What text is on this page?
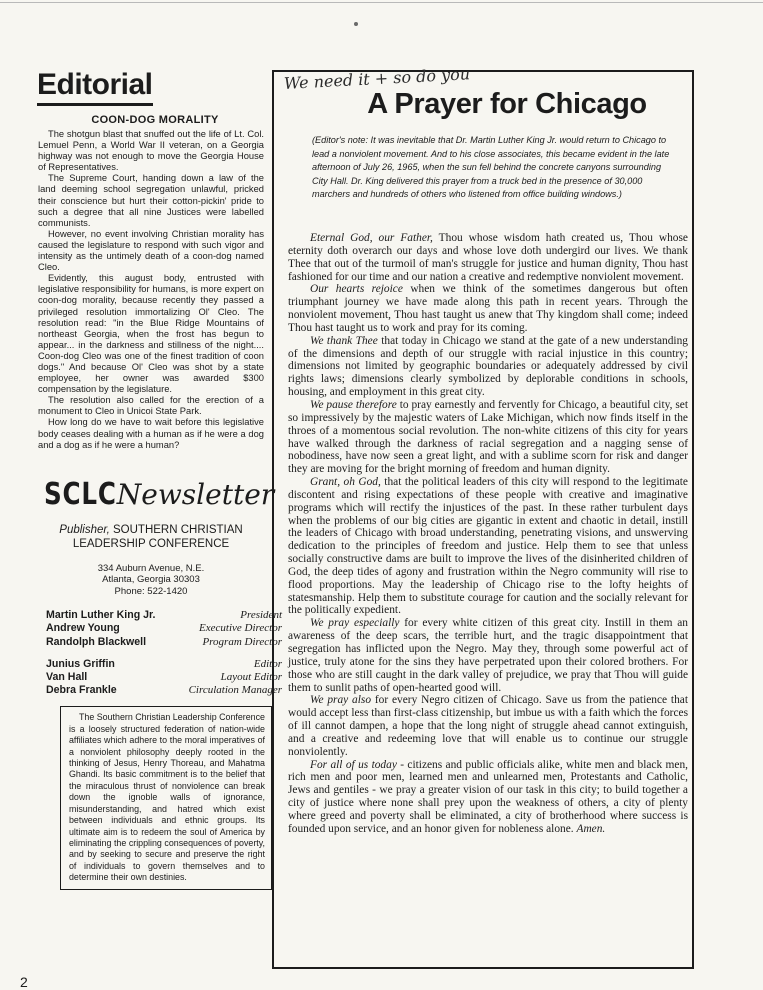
Editorial
COON-DOG MORALITY

The shotgun blast that snuffed out the life of Lt. Col. Lemuel Penn, a World War II veteran, on a Georgia highway was not enough to move the Georgia House of Representatives.

The Supreme Court, handing down a law of the land deeming school segregation unlawful, pricked their conscience but hurt their cotton-pickin' pride to such a degree that all nine Justices were labelled communists.

However, no event involving Christian morality has caused the legislature to respond with such vigor and intensity as the untimely death of a coon-dog named Cleo.

Evidently, this august body, entrusted with legislative responsibility for humans, is more expert on coon-dog morality, because recently they passed a privileged resolution immortalizing Ol' Cleo. The resolution read: "in the Blue Ridge Mountains of northeast Georgia, when the frost has begun to appear... in the darkness and stillness of the night.... Coon-dog Cleo was one of the finest tradition of coon dogs." And because Ol' Cleo was shot by a state employee, her owner was awarded $300 compensation by the legislature.

The resolution also called for the erection of a monument to Cleo in Unicoi State Park.

How long do we have to wait before this legislative body ceases dealing with a human as if he were a dog and a dog as if he were a human?

SCLC Newsletter
Publisher, SOUTHERN CHRISTIAN
LEADERSHIP CONFERENCE
334 Auburn Avenue, N.E.
Atlanta, Georgia 30303
Phone: 522-1420
Martin Luther King Jr.	President
Andrew Young	Executive Director
Randolph Blackwell	Program Director
Junius Griffin	Editor
Van Hall	Layout Editor
Debra Frankle	Circulation Manager

The Southern Christian Leadership Conference is a loosely structured federation of nation-wide affiliates which adhere to the moral imperatives of a nonviolent philosophy deeply rooted in the thinking of Jesus, Henry Thoreau, and Mahatma Ghandi. Its basic commitment is to the belief that the miraculous thrust of nonviolence can break down the ignoble walls of ignorance, misunderstanding, and hatred which exist between individuals and ethnic groups. Its ultimate aim is to redeem the soul of America by eliminating the crippling consequences of poverty, and by seeking to secure and preserve the right of individuals to govern themselves and to determine their own destinies.

2
We need it + so do you
A Prayer for Chicago

(Editor's note: It was inevitable that Dr. Martin Luther King Jr. would return to Chicago to lead a nonviolent movement. And to his close associates, this became evident in the late afternoon of July 26, 1965, when the sun fell behind the concrete canyons surrounding City Hall. Dr. King delivered this prayer from a truck bed in the presence of 30,000 marchers and hundreds of others who listened from office building windows.)

Eternal God, our Father, Thou whose wisdom hath created us, Thou whose eternity doth overarch our days and whose love doth undergird our lives. We thank Thee that out of the turmoil of man's struggle for justice and human dignity, Thou hast fashioned for our time and our nation a creative and redemptive nonviolent movement.

Our hearts rejoice when we think of the sometimes dangerous but often triumphant journey we have made along this path in recent years. Through the nonviolent movement, Thou hast taught us anew that Thy kingdom shall come; indeed Thou hast taught us to work and pray for its coming.

We thank Thee that today in Chicago we stand at the gate of a new understanding of the dimensions and depth of our struggle with racial injustice in this country; dimensions not limited by geographic boundaries or adequately addressed by civil rights laws; dimensions clearly symbolized by deplorable conditions in schools, housing, and employment in this great city.

We pause therefore to pray earnestly and fervently for Chicago, a beautiful city, set so impressively by the majestic waters of Lake Michigan, which now finds itself in the throes of a momentous social revolution. The non-white citizens of this city for years have walked through the darkness of racial segregation and a nagging sense of nobodiness, have now seen a great light, and with a sublime scorn for risk and danger they are moving for the bright morning of freedom and human dignity.

Grant, oh God, that the political leaders of this city will respond to the legitimate discontent and rising expectations of these people with creative and imaginative programs which will rectify the injustices of the past. In these rather turbulent days when the problems of our big cities are gigantic in extent and chaotic in detail, instill the leaders of Chicago with broad understanding, penetrating visions, and unswerving dedication to the principles of freedom and justice. Help them to see that unless socially constructive dams are built to improve the lives of the disinherited children of God, the deep tides of agony and frustration within the Negro community will rise to flood proportions. May the leadership of Chicago rise to the lofty heights of statesmanship. Help them to substitute courage for caution and the socially relevant for the politically expedient.

We pray especially for every white citizen of this great city. Instill in them an awareness of the deep scars, the terrible hurt, and the tragic disappointment that segregation has inflicted upon the Negro. May they, through some powerful act of justice, truly atone for the sins they have perpetrated upon their colored brothers. For those who are still caught in the dark valley of prejudice, we pray that Thou will guide them to sunlit paths of open-hearted good will.

We pray also for every Negro citizen of Chicago. Save us from the patience that would accept less than first-class citizenship, but imbue us with a faith which the forces of ill cannot dampen, a hope that the long night of struggle ahead cannot extinguish, and a creative and redeeming love that will enable us to continue our struggle nonviolently.

For all of us today - citizens and public officials alike, white men and black men, rich men and poor men, learned men and unlearned men, Protestants and Catholic, Jews and gentiles - we pray a greater vision of our task in this city; to build together a city of justice where none shall prey upon the weakness of others, a city of plenty where greed and poverty shall be eliminated, a city of brotherhood where success is founded upon service, and an honor given for nobleness alone. Amen.
